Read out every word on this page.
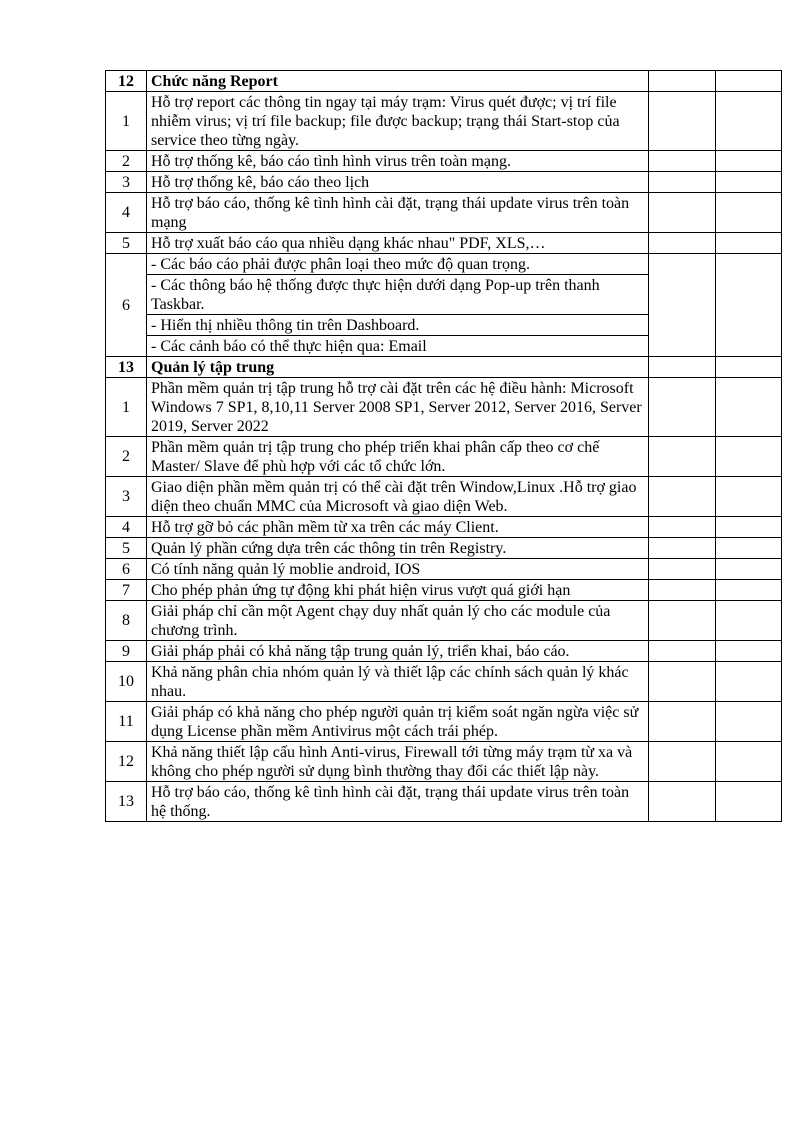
12	Chức năng Report		
1	Hỗ trợ report các thông tin ngay tại máy trạm: Virus quét được; vị trí file nhiễm virus; vị trí file backup; file được backup; trạng thái Start-stop của service theo từng ngày.		
2	Hỗ trợ thống kê, báo cáo tình hình virus trên toàn mạng.		
3	Hỗ trợ thống kê, báo cáo theo lịch		
4	Hỗ trợ báo cáo, thống kê tình hình cài đặt, trạng thái update virus trên toàn mạng		
5	Hỗ trợ xuất báo cáo qua nhiều dạng khác nhau" PDF, XLS,…		
6	- Các báo cáo phải được phân loại theo mức độ quan trọng.		
	- Các thông báo hệ thống được thực hiện dưới dạng Pop-up trên thanh Taskbar.		
	- Hiển thị nhiều thông tin trên Dashboard.		
	- Các cảnh báo có thể thực hiện qua: Email		
13	Quản lý tập trung		
1	Phần mềm quản trị tập trung hỗ trợ cài đặt trên các hệ điều hành: Microsoft Windows 7 SP1, 8,10,11 Server 2008 SP1, Server 2012, Server 2016, Server 2019, Server 2022		
2	Phần mềm quản trị tập trung cho phép triển khai phân cấp theo cơ chế Master/ Slave để phù hợp với các tổ chức lớn.		
3	Giao diện phần mềm quản trị có thể cài đặt trên Window,Linux .Hỗ trợ giao diện theo chuẩn MMC của Microsoft và giao diện Web.		
4	Hỗ trợ gỡ bỏ các phần mềm từ xa trên các máy Client.		
5	Quản lý phần cứng dựa trên các thông tin trên Registry.		
6	Có tính năng quản lý moblie android, IOS		
7	Cho phép phản ứng tự động khi phát hiện virus vượt quá giới hạn		
8	Giải pháp chỉ cần một Agent chạy duy nhất quản lý cho các module của chương trình.		
9	Giải pháp phải có khả năng tập trung quản lý, triển khai, báo cáo.		
10	Khả năng phân chia nhóm quản lý và thiết lập các chính sách quản lý khác nhau.		
11	Giải pháp có khả năng cho phép người quản trị kiểm soát ngăn ngừa việc sử dụng License phần mềm Antivirus một cách trái phép.		
12	Khả năng thiết lập cấu hình Anti-virus, Firewall tới từng máy trạm từ xa và không cho phép người sử dụng bình thường thay đổi các thiết lập này.		
13	Hỗ trợ báo cáo, thống kê tình hình cài đặt, trạng thái update virus trên toàn hệ thống.		
